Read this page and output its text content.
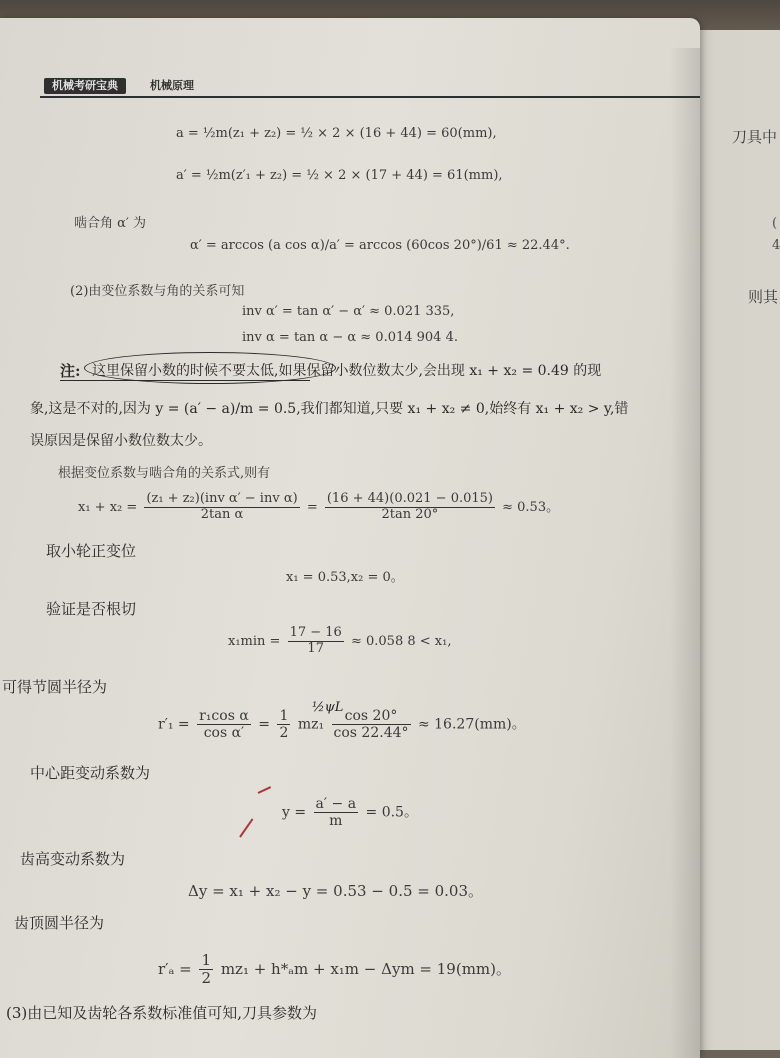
刀具中
(
4
则其
机械考研宝典	机械原理
a = ½m(z₁ + z₂) = ½ × 2 × (16 + 44) = 60(mm),
a′ = ½m(z′₁ + z₂) = ½ × 2 × (17 + 44) = 61(mm),
啮合角 α′ 为
α′ = arccos (a cos α)/a′ = arccos (60cos 20°)/61 ≈ 22.44°.
(2)由变位系数与角的关系可知
inv α′ = tan α′ − α′ ≈ 0.021 335,
inv α = tan α − α ≈ 0.014 904 4.
注: 这里保留小数的时候不要太低,如果保留小数位数太少,会出现 x₁ + x₂ = 0.49 的现
象,这是不对的,因为 y = (a′ − a)/m = 0.5,我们都知道,只要 x₁ + x₂ ≠ 0,始终有 x₁ + x₂ > y,错
误原因是保留小数位数太少。
根据变位系数与啮合角的关系式,则有
$x_1 + x_2 = \frac{\text{(z₁ + z₂)(inv α′ − inv α)}}{\text{2tan α}} = \frac{(16 + 44)(0.021 - 0.015)}{2\tan 20^\circ} \approx 0.53$。
取小轮正变位
x₁ = 0.53,x₂ = 0。
验证是否根切
$x_1\min = \frac{17 - 16}{17} \approx 0.058$ 8 < x₁,
可得节圆半径为
$r'_1 = \frac{\text{r₁cos α}}{\text{cos α′}} = \frac{1}{2} mz_1 \frac{\cos 20^\circ}{\cos 22.44^\circ} \approx 16.27(mm)$。
½ψL
中心距变动系数为
$y = \frac{a' - a}{m} = 0.5$。
齿高变动系数为
Δy = x₁ + x₂ − y = 0.53 − 0.5 = 0.03。
齿顶圆半径为
$r'_a = \frac{1}{2} mz_1 + h*_am + x_1m - \Delta ym = 19(mm)$。
(3)由已知及齿轮各系数标准值可知,刀具参数为
